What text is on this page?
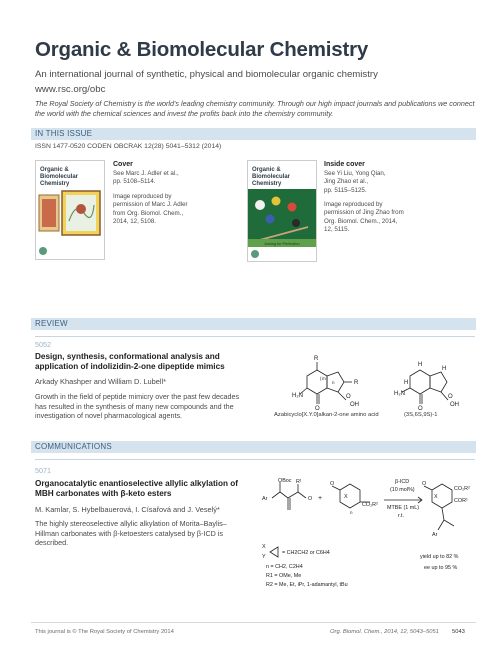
Organic & Biomolecular Chemistry
An international journal of synthetic, physical and biomolecular organic chemistry
www.rsc.org/obc
The Royal Society of Chemistry is the world's leading chemistry community. Through our high impact journals and publications we connect the world with the chemical sciences and invest the profits back into the chemistry community.
IN THIS ISSUE
ISSN 1477-0520 CODEN OBCRAK 12(28) 5041–5312 (2014)
Organic &
Biomolecular
Chemistry
Cover
See Marc J. Adler et al.,
pp. 5108–5114.
Image reproduced by
permission of Marc J. Adler
from Org. Biomol. Chem.,
2014, 12, 5108.
Organic &
Biomolecular
Chemistry
Aiming for Perfection
Inside cover
See Yi Liu, Yong Qian,
Jing Zhao et al.,
pp. 5115–5125.
Image reproduced by
permission of Jing Zhao from
Org. Biomol. Chem., 2014,
12, 5115.
REVIEW
5052
Design, synthesis, conformational analysis and application of indolizidin-2-one dipeptide mimics
Arkady Khashper and William D. Lubell*
Growth in the field of peptide mimicry over the past few decades has resulted in the synthesis of many new compounds and the investigation of novel pharmacological agents.
R
H₂N
O
OH
O
R
( m
n
H
H
H
H₂N
O
OH
O
Azabicyclo[X.Y.0]alkan-2-one amino acid	(3S,6S,9S)-1
COMMUNICATIONS
5071
Organocatalytic enantioselective allylic alkylation of MBH carbonates with β-keto esters
M. Kamlar, S. Hybelbauerová, I. Císařová and J. Veselý*
The highly stereoselective allylic alkylation of Morita–Baylis–Hillman carbonates with β-ketoesters catalysed by β-ICD is described.
OBoc
Ar	O
R¹
+
O
X
CO₂R²
n
β-ICD
(10 mol%)
MTBE (1 mL)
r.t.
O
CO₂R²
COR¹
X
Ar
yield up to 82 %
ee up to 95 %
X
Y
= CH2CH2 or C6H4
n = CH2, C2H4
R1 = OMe, Me
R2 = Me, Et, iPr, 1-adamantyl, tBu
This journal is © The Royal Society of Chemistry 2014	Org. Biomol. Chem., 2014, 12, 5043–5051 5043
